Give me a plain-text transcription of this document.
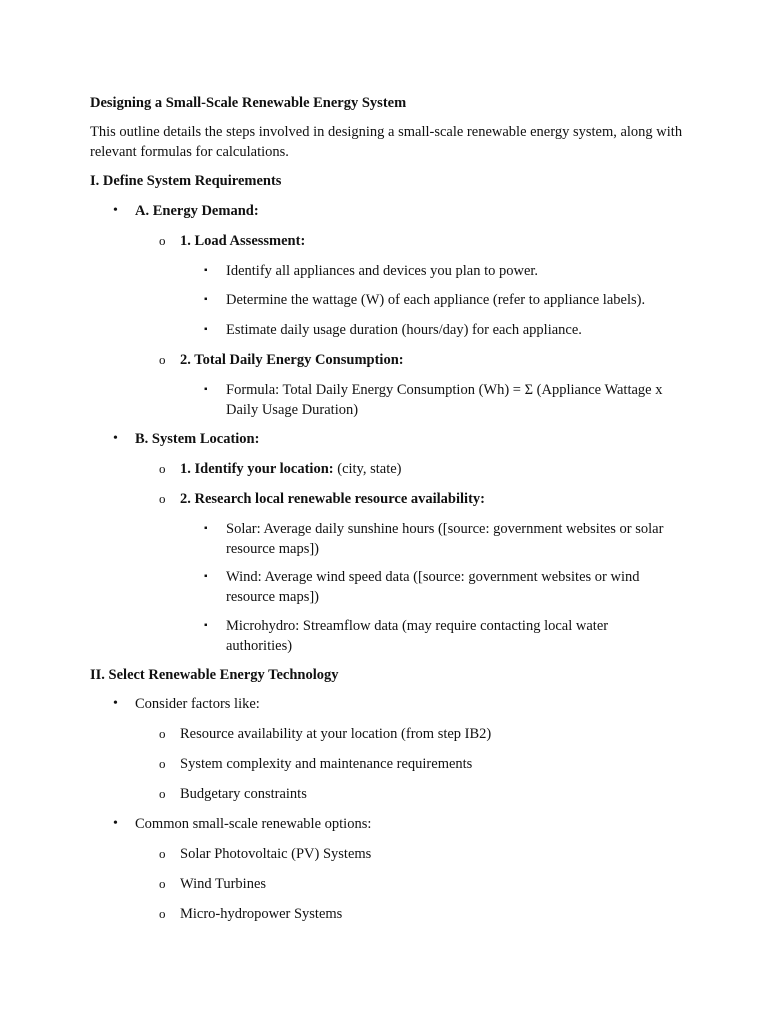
Designing a Small-Scale Renewable Energy System
This outline details the steps involved in designing a small-scale renewable energy system, along with relevant formulas for calculations.
I. Define System Requirements
• A. Energy Demand:
o 1. Load Assessment:
▪ Identify all appliances and devices you plan to power.
▪ Determine the wattage (W) of each appliance (refer to appliance labels).
▪ Estimate daily usage duration (hours/day) for each appliance.
o 2. Total Daily Energy Consumption:
▪ Formula: Total Daily Energy Consumption (Wh) = Σ (Appliance Wattage x Daily Usage Duration)
• B. System Location:
o 1. Identify your location: (city, state)
o 2. Research local renewable resource availability:
▪ Solar: Average daily sunshine hours ([source: government websites or solar resource maps])
▪ Wind: Average wind speed data ([source: government websites or wind resource maps])
▪ Microhydro: Streamflow data (may require contacting local water authorities)
II. Select Renewable Energy Technology
• Consider factors like:
o Resource availability at your location (from step IB2)
o System complexity and maintenance requirements
o Budgetary constraints
• Common small-scale renewable options:
o Solar Photovoltaic (PV) Systems
o Wind Turbines
o Micro-hydropower Systems
